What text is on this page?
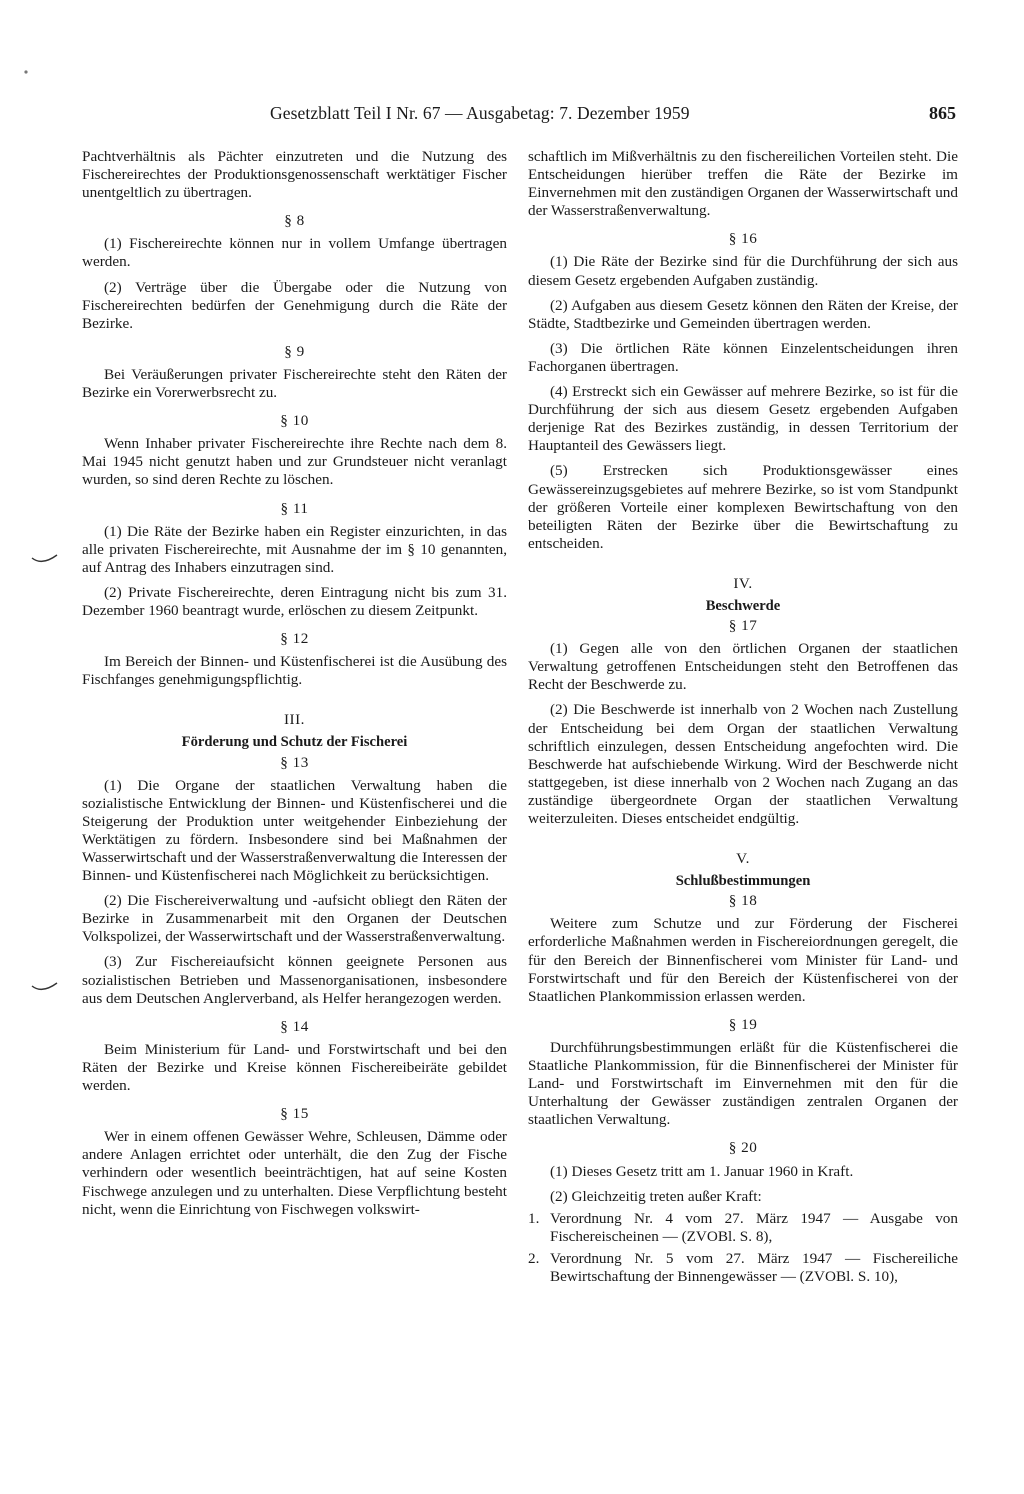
Gesetzblatt Teil I Nr. 67 — Ausgabetag: 7. Dezember 1959	865

Pachtverhältnis als Pächter einzutreten und die Nutzung des Fischereirechtes der Produktionsgenossenschaft werktätiger Fischer unentgeltlich zu übertragen.

§ 8

(1) Fischereirechte können nur in vollem Umfange übertragen werden.

(2) Verträge über die Übergabe oder die Nutzung von Fischereirechten bedürfen der Genehmigung durch die Räte der Bezirke.

§ 9

Bei Veräußerungen privater Fischereirechte steht den Räten der Bezirke ein Vorerwerbsrecht zu.

§ 10

Wenn Inhaber privater Fischereirechte ihre Rechte nach dem 8. Mai 1945 nicht genutzt haben und zur Grundsteuer nicht veranlagt wurden, so sind deren Rechte zu löschen.

§ 11

(1) Die Räte der Bezirke haben ein Register einzurichten, in das alle privaten Fischereirechte, mit Ausnahme der im § 10 genannten, auf Antrag des Inhabers einzutragen sind.

(2) Private Fischereirechte, deren Eintragung nicht bis zum 31. Dezember 1960 beantragt wurde, erlöschen zu diesem Zeitpunkt.

§ 12

Im Bereich der Binnen- und Küstenfischerei ist die Ausübung des Fischfanges genehmigungspflichtig.

III.
Förderung und Schutz der Fischerei
§ 13

(1) Die Organe der staatlichen Verwaltung haben die sozialistische Entwicklung der Binnen- und Küstenfischerei und die Steigerung der Produktion unter weitgehender Einbeziehung der Werktätigen zu fördern. Insbesondere sind bei Maßnahmen der Wasserwirtschaft und der Wasserstraßenverwaltung die Interessen der Binnen- und Küstenfischerei nach Möglichkeit zu berücksichtigen.

(2) Die Fischereiverwaltung und -aufsicht obliegt den Räten der Bezirke in Zusammenarbeit mit den Organen der Deutschen Volkspolizei, der Wasserwirtschaft und der Wasserstraßenverwaltung.

(3) Zur Fischereiaufsicht können geeignete Personen aus sozialistischen Betrieben und Massenorganisationen, insbesondere aus dem Deutschen Anglerverband, als Helfer herangezogen werden.

§ 14

Beim Ministerium für Land- und Forstwirtschaft und bei den Räten der Bezirke und Kreise können Fischereibeiräte gebildet werden.

§ 15

Wer in einem offenen Gewässer Wehre, Schleusen, Dämme oder andere Anlagen errichtet oder unterhält, die den Zug der Fische verhindern oder wesentlich beeinträchtigen, hat auf seine Kosten Fischwege anzulegen und zu unterhalten. Diese Verpflichtung besteht nicht, wenn die Einrichtung von Fischwegen volkswirt-

schaftlich im Mißverhältnis zu den fischereilichen Vorteilen steht. Die Entscheidungen hierüber treffen die Räte der Bezirke im Einvernehmen mit den zuständigen Organen der Wasserwirtschaft und der Wasserstraßenverwaltung.

§ 16

(1) Die Räte der Bezirke sind für die Durchführung der sich aus diesem Gesetz ergebenden Aufgaben zuständig.

(2) Aufgaben aus diesem Gesetz können den Räten der Kreise, der Städte, Stadtbezirke und Gemeinden übertragen werden.

(3) Die örtlichen Räte können Einzelentscheidungen ihren Fachorganen übertragen.

(4) Erstreckt sich ein Gewässer auf mehrere Bezirke, so ist für die Durchführung der sich aus diesem Gesetz ergebenden Aufgaben derjenige Rat des Bezirkes zuständig, in dessen Territorium der Hauptanteil des Gewässers liegt.

(5) Erstrecken sich Produktionsgewässer eines Gewässereinzugsgebietes auf mehrere Bezirke, so ist vom Standpunkt der größeren Vorteile einer komplexen Bewirtschaftung von den beteiligten Räten der Bezirke über die Bewirtschaftung zu entscheiden.

IV.
Beschwerde
§ 17

(1) Gegen alle von den örtlichen Organen der staatlichen Verwaltung getroffenen Entscheidungen steht den Betroffenen das Recht der Beschwerde zu.

(2) Die Beschwerde ist innerhalb von 2 Wochen nach Zustellung der Entscheidung bei dem Organ der staatlichen Verwaltung schriftlich einzulegen, dessen Entscheidung angefochten wird. Die Beschwerde hat aufschiebende Wirkung. Wird der Beschwerde nicht stattgegeben, ist diese innerhalb von 2 Wochen nach Zugang an das zuständige übergeordnete Organ der staatlichen Verwaltung weiterzuleiten. Dieses entscheidet endgültig.

V.
Schlußbestimmungen
§ 18

Weitere zum Schutze und zur Förderung der Fischerei erforderliche Maßnahmen werden in Fischereiordnungen geregelt, die für den Bereich der Binnenfischerei vom Minister für Land- und Forstwirtschaft und für den Bereich der Küstenfischerei von der Staatlichen Plankommission erlassen werden.

§ 19

Durchführungsbestimmungen erläßt für die Küstenfischerei die Staatliche Plankommission, für die Binnenfischerei der Minister für Land- und Forstwirtschaft im Einvernehmen mit den für die Unterhaltung der Gewässer zuständigen zentralen Organen der staatlichen Verwaltung.

§ 20

(1) Dieses Gesetz tritt am 1. Januar 1960 in Kraft.

(2) Gleichzeitig treten außer Kraft:

1. Verordnung Nr. 4 vom 27. März 1947 — Ausgabe von Fischereischeinen — (ZVOBl. S. 8),
2. Verordnung Nr. 5 vom 27. März 1947 — Fischereiliche Bewirtschaftung der Binnengewässer — (ZVOBl. S. 10),
